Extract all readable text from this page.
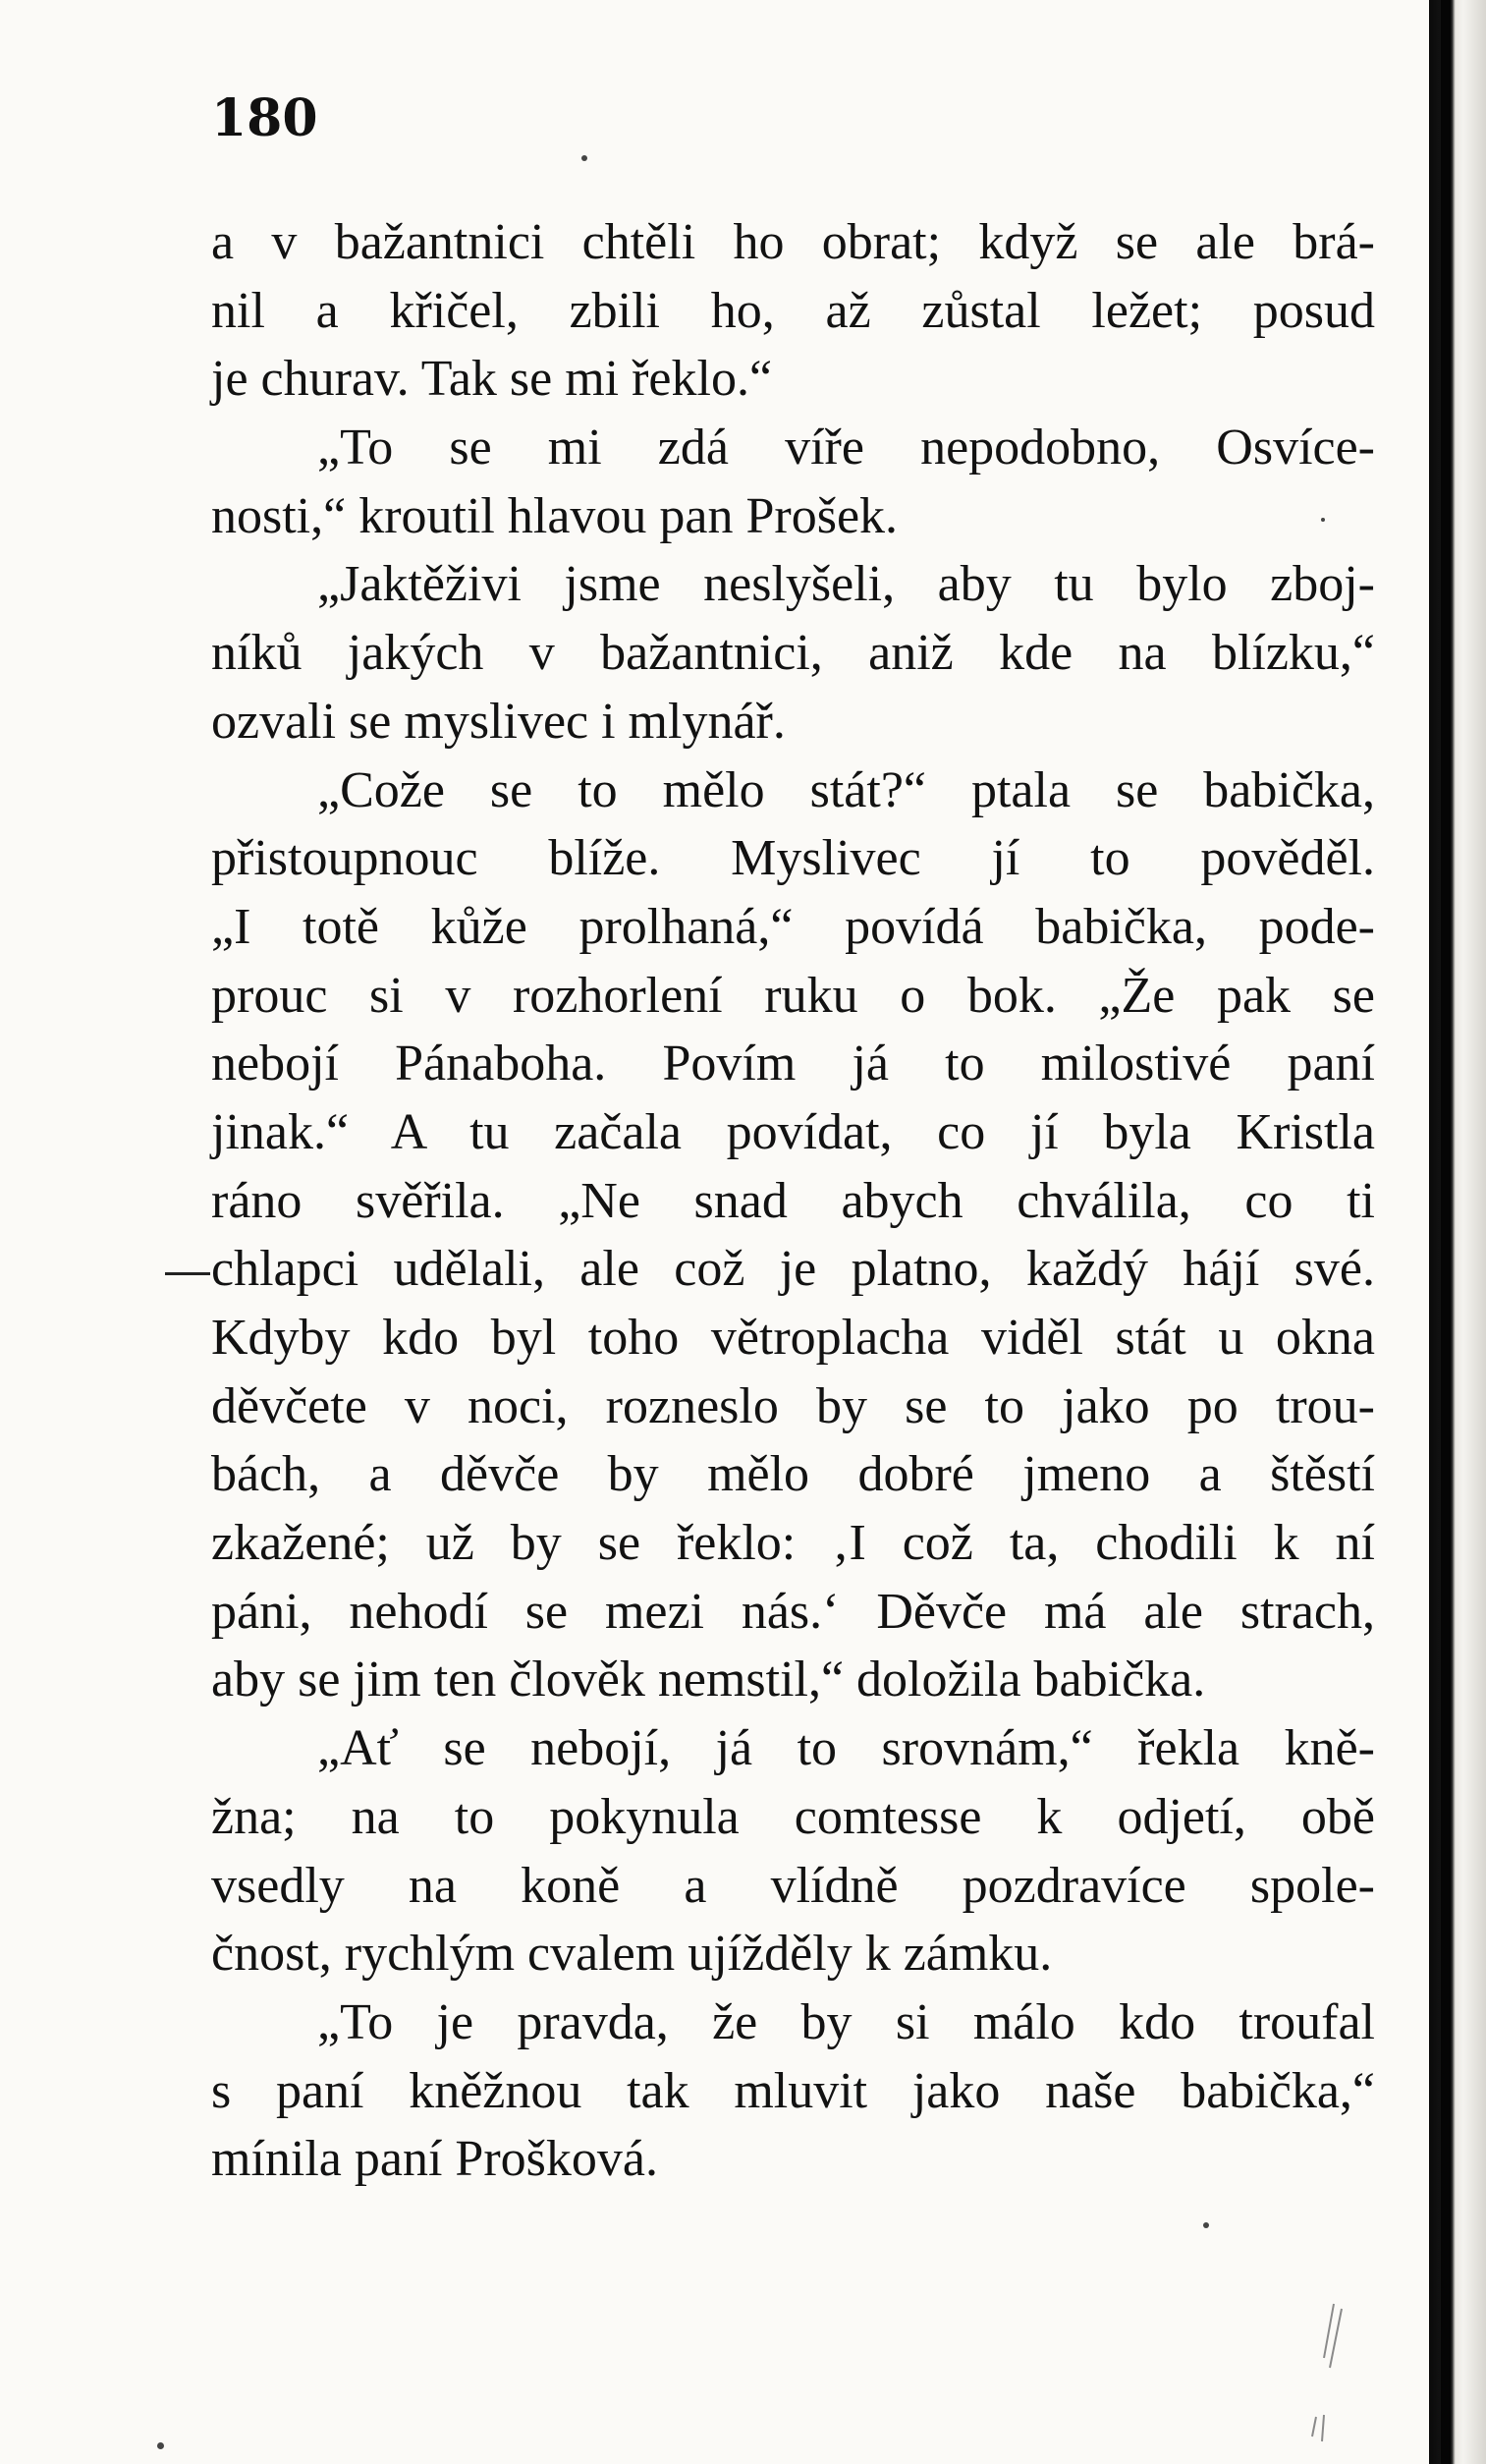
180
a v bažantnici chtěli ho obrat; když se ale brá-
nil a křičel, zbili ho, až zůstal ležet; posud
je churav. Tak se mi řeklo.“
„To se mi zdá víře nepodobno, Osvíce-
nosti,“ kroutil hlavou pan Prošek.
„Jaktěživi jsme neslyšeli, aby tu bylo zboj-
níků jakých v bažantnici, aniž kde na blízku,“
ozvali se myslivec i mlynář.
„Cože se to mělo stát?“ ptala se babička,
přistoupnouc blíže. Myslivec jí to pověděl.
„I totě kůže prolhaná,“ povídá babička, pode-
prouc si v rozhorlení ruku o bok. „Že pak se
nebojí Pánaboha. Povím já to milostivé paní
jinak.“ A tu začala povídat, co jí byla Kristla
ráno svěřila. „Ne snad abych chválila, co ti
chlapci udělali, ale což je platno, každý hájí své.
Kdyby kdo byl toho větroplacha viděl stát u okna
děvčete v noci, rozneslo by se to jako po trou-
bách, a děvče by mělo dobré jmeno a štěstí
zkažené; už by se řeklo: ‚I což ta, chodili k ní
páni, nehodí se mezi nás.‘ Děvče má ale strach,
aby se jim ten člověk nemstil,“ doložila babička.
„Ať se nebojí, já to srovnám,“ řekla kně-
žna; na to pokynula comtesse k odjetí, obě
vsedly na koně a vlídně pozdravíce spole-
čnost, rychlým cvalem ujížděly k zámku.
„To je pravda, že by si málo kdo troufal
s paní kněžnou tak mluvit jako naše babička,“
mínila paní Prošková.
